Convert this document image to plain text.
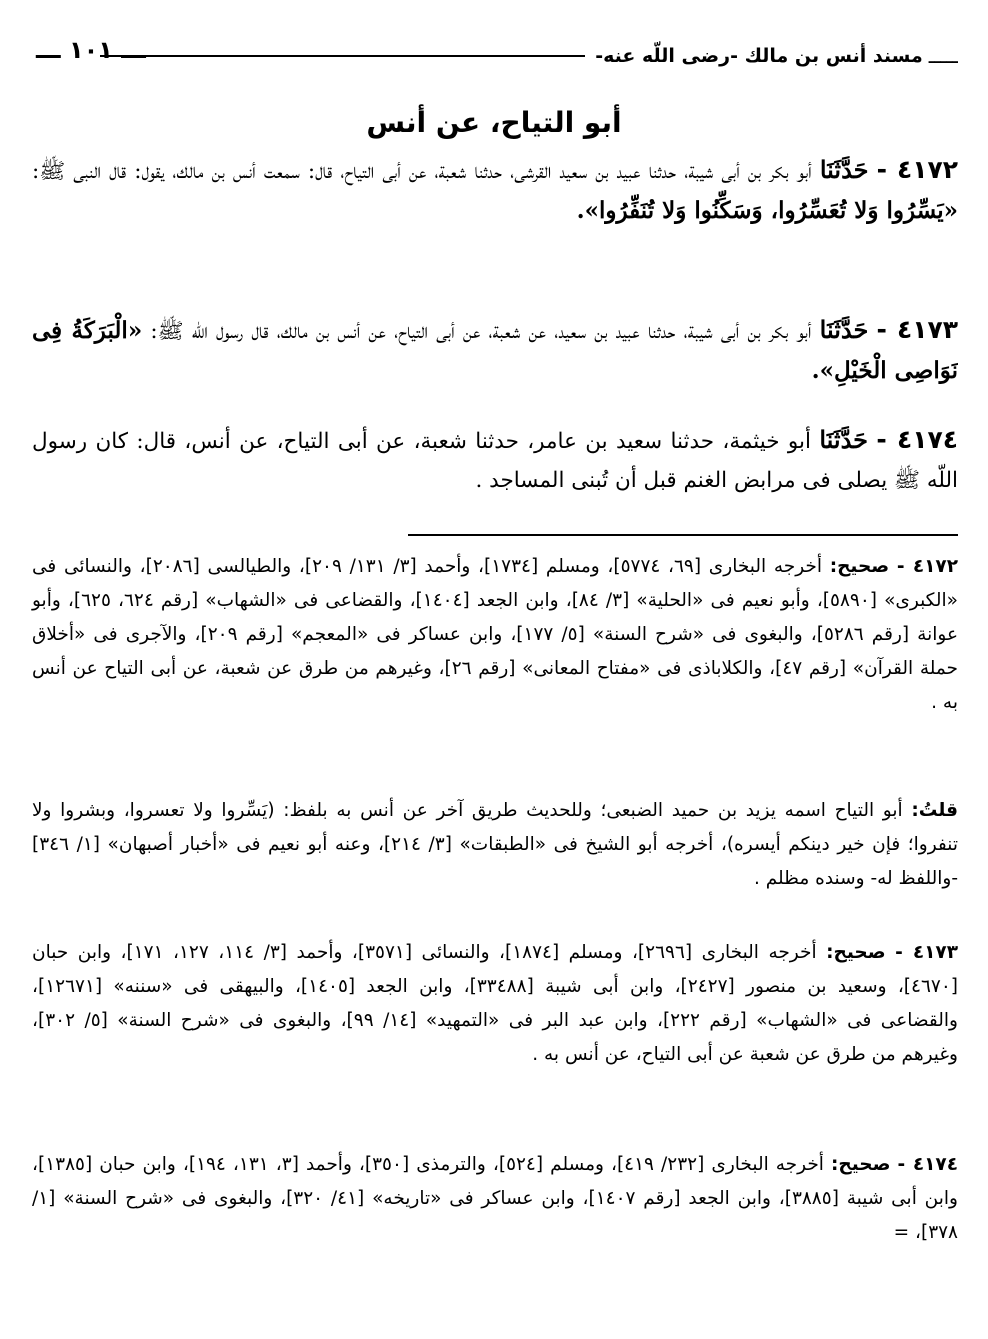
ـــــ
مسند أنس بن مالك -رضى اللّه عنه-
ـــ ١٠١ ـــ
أبو التياح، عن أنس
٤١٧٢ - حَدَّثَنَا أبو بكر بن أبى شيبة، حدثنا عبيد بن سعيد القرشى، حدثنا شعبة، عن أبى التياح، قال: سمعت أنس بن مالك، يقول: قال النبى ﷺ: «يَسِّرُوا وَلا تُعَسِّرُوا، وَسَكِّنُوا وَلا تُنَفِّرُوا».
٤١٧٣ - حَدَّثَنَا أبو بكر بن أبى شيبة، حدثنا عبيد بن سعيد، عن شعبة، عن أبى التياح، عن أنس بن مالك، قال رسول اللّه ﷺ: «الْبَرَكَةُ فِى نَوَاصِى الْخَيْلِ».
٤١٧٤ - حَدَّثَنَا أبو خيثمة، حدثنا سعيد بن عامر، حدثنا شعبة، عن أبى التياح، عن أنس، قال: كان رسول اللّه ﷺ يصلى فى مرابض الغنم قبل أن تُبنى المساجد .
٤١٧٢ - صحيح: أخرجه البخارى [٦٩، ٥٧٧٤]، ومسلم [١٧٣٤]، وأحمد [٣/ ١٣١/ ٢٠٩]، والطيالسى [٢٠٨٦]، والنسائى فى «الكبرى» [٥٨٩٠]، وأبو نعيم فى «الحلية» [٣/ ٨٤]، وابن الجعد [١٤٠٤]، والقضاعى فى «الشهاب» [رقم ٦٢٤، ٦٢٥]، وأبو عوانة [رقم ٥٢٨٦]، والبغوى فى «شرح السنة» [٥/ ١٧٧]، وابن عساكر فى «المعجم» [رقم ٢٠٩]، والآجرى فى «أخلاق حملة القرآن» [رقم ٤٧]، والكلاباذى فى «مفتاح المعانى» [رقم ٢٦]، وغيرهم من طرق عن شعبة، عن أبى التياح عن أنس به .
قلتُ: أبو التياح اسمه يزيد بن حميد الضبعى؛ وللحديث طريق آخر عن أنس به بلفظ: (يَسِّروا ولا تعسروا، وبشروا ولا تنفروا؛ فإن خير دينكم أيسره)، أخرجه أبو الشيخ فى «الطبقات» [٣/ ٢١٤]، وعنه أبو نعيم فى «أخبار أصبهان» [١/ ٣٤٦] -واللفظ له- وسنده مظلم .
٤١٧٣ - صحيح: أخرجه البخارى [٢٦٩٦]، ومسلم [١٨٧٤]، والنسائى [٣٥٧١]، وأحمد [٣/ ١١٤، ١٢٧، ١٧١]، وابن حبان [٤٦٧٠]، وسعيد بن منصور [٢٤٢٧]، وابن أبى شيبة [٣٣٤٨٨]، وابن الجعد [١٤٠٥]، والبيهقى فى «سننه» [١٢٦٧١]، والقضاعى فى «الشهاب» [رقم ٢٢٢]، وابن عبد البر فى «التمهيد» [١٤/ ٩٩]، والبغوى فى «شرح السنة» [٥/ ٣٠٢]، وغيرهم من طرق عن شعبة عن أبى التياح، عن أنس به .
٤١٧٤ - صحيح: أخرجه البخارى [٢٣٢/ ٤١٩]، ومسلم [٥٢٤]، والترمذى [٣٥٠]، وأحمد [٣، ١٣١، ١٩٤]، وابن حبان [١٣٨٥]، وابن أبى شيبة [٣٨٨٥]، وابن الجعد [رقم ١٤٠٧]، وابن عساكر فى «تاريخه» [٤١/ ٣٢٠]، والبغوى فى «شرح السنة» [١/ ٣٧٨]، =
